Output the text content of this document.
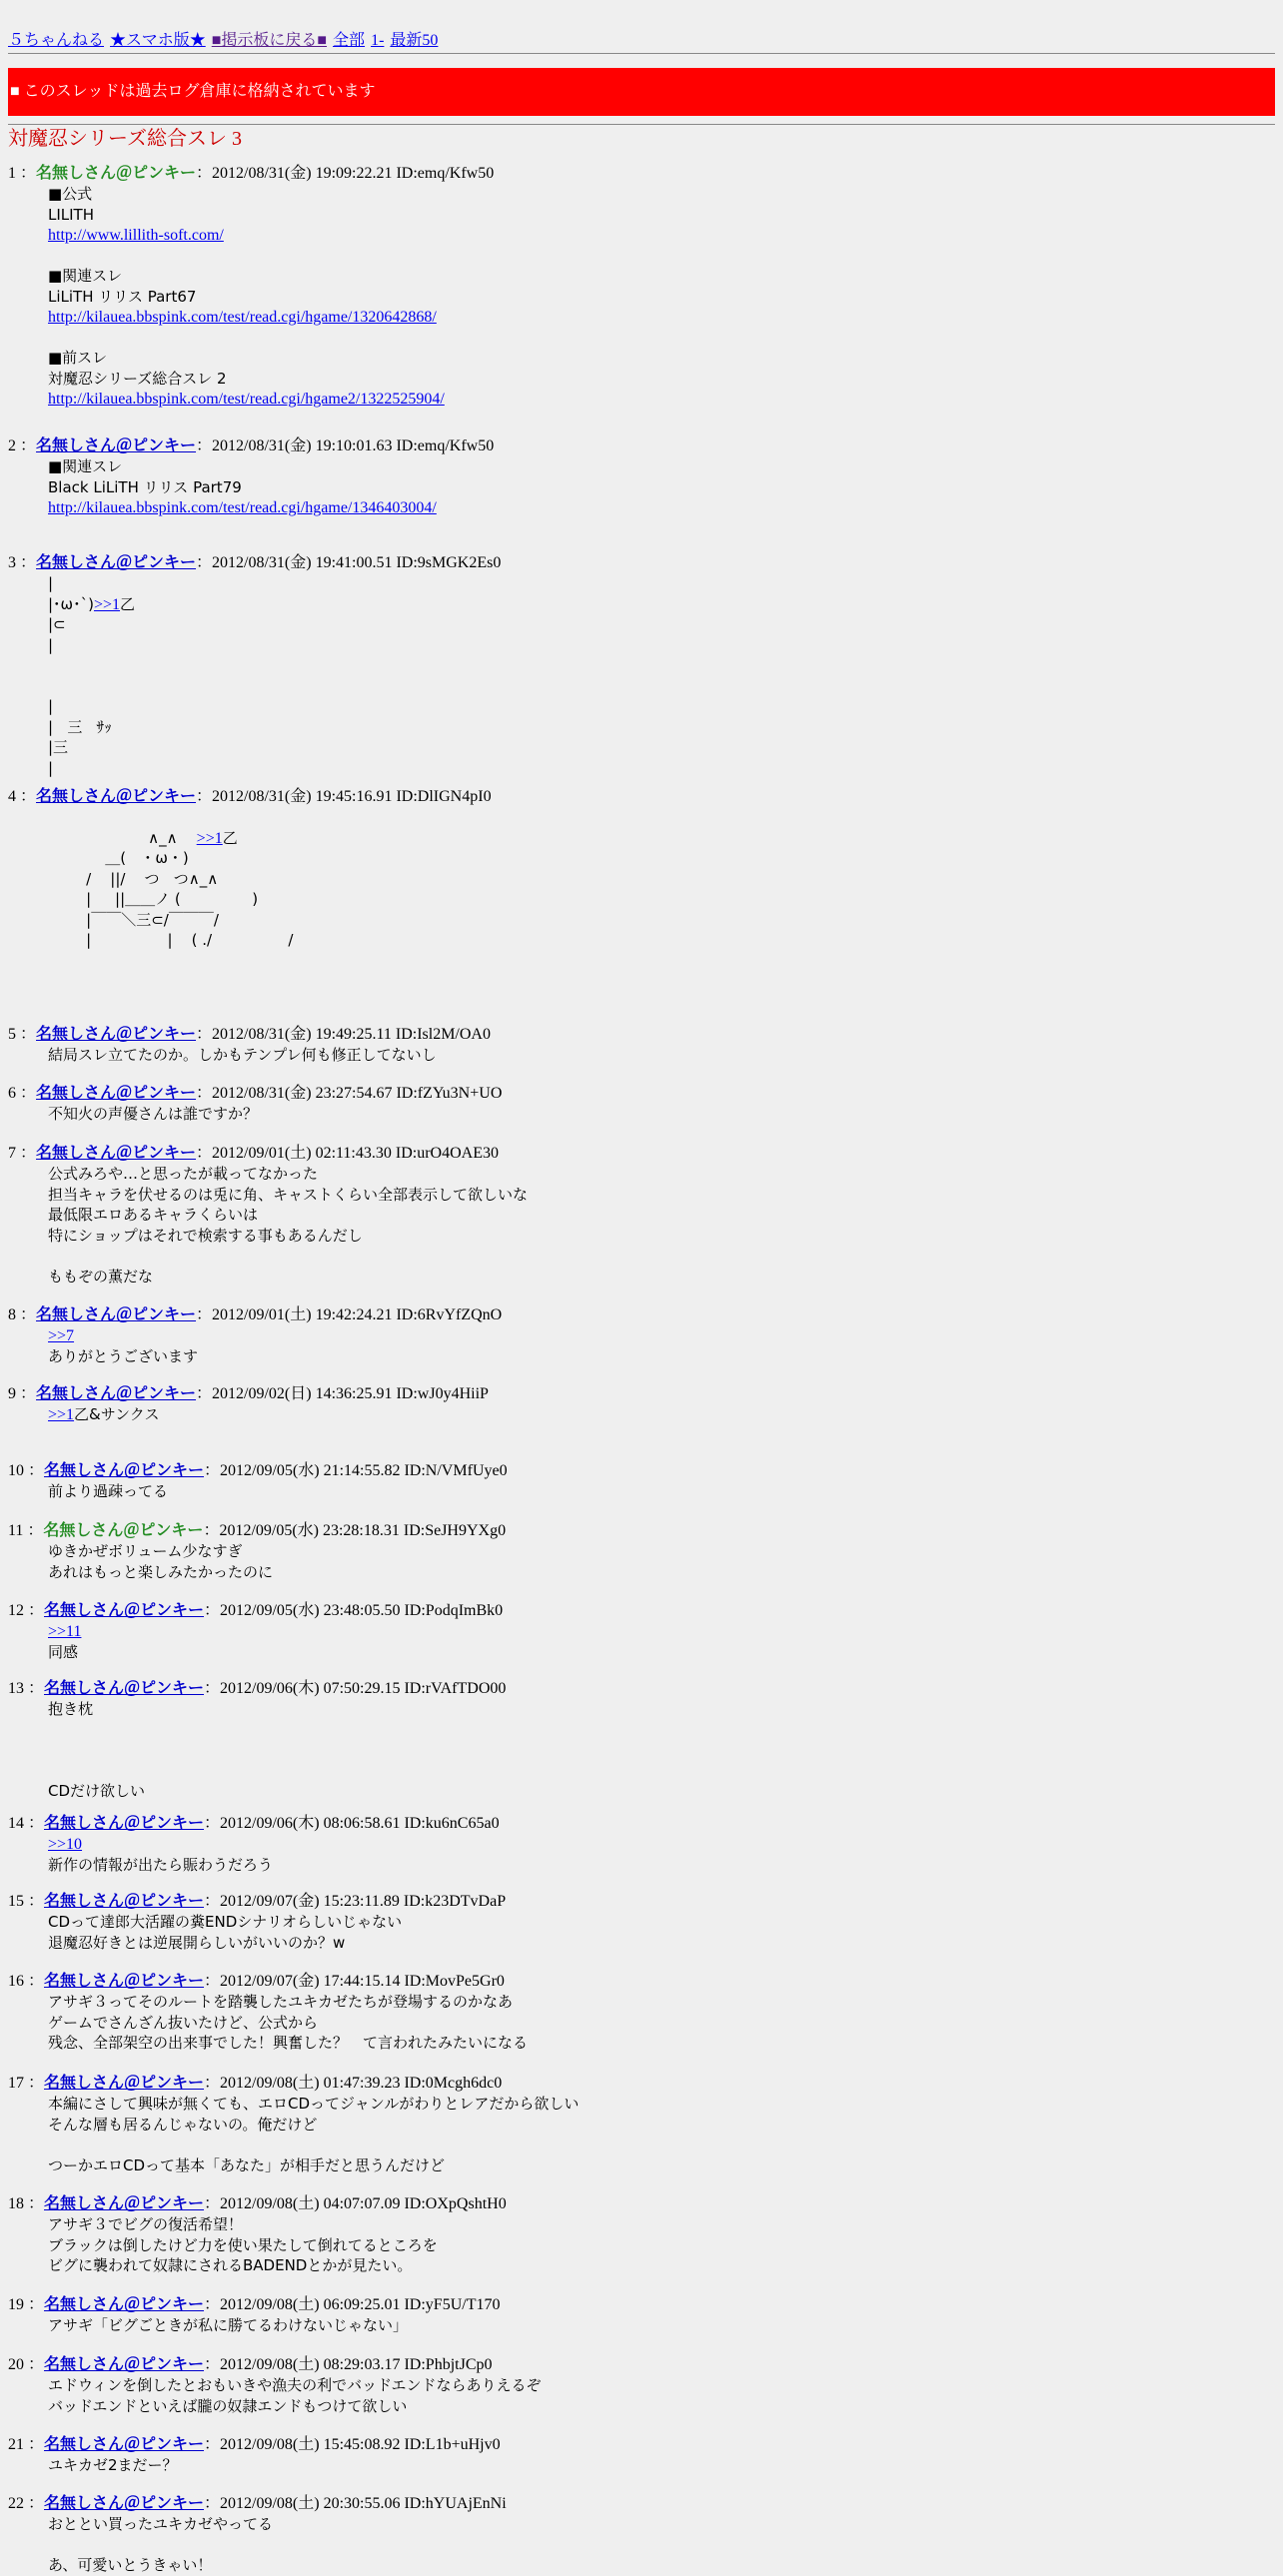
５ちゃんねる ★スマホ版★ ■掲示板に戻る■ 全部 1- 最新50
■ このスレッドは過去ログ倉庫に格納されています
対魔忍シリーズ総合スレ 3
1 ：名無しさん＠ピンキー：2012/08/31(金) 19:09:22.21 ID:emq/Kfw50
■公式
LILITH
http://www.lillith-soft.com/
■関連スレ
LiLiTH リリス Part67
http://kilauea.bbspink.com/test/read.cgi/hgame/1320642868/
■前スレ
対魔忍シリーズ総合スレ 2
http://kilauea.bbspink.com/test/read.cgi/hgame2/1322525904/
2 ：名無しさん＠ピンキー：2012/08/31(金) 19:10:01.63 ID:emq/Kfw50
■関連スレ
Black LiLiTH リリス Part79
http://kilauea.bbspink.com/test/read.cgi/hgame/1346403004/
3 ：名無しさん＠ピンキー：2012/08/31(金) 19:41:00.51 ID:9sMGK2Es0
|
|･ω･`)>>1乙
|⊂
|
|
|   三   ｻｯ
|三
|
4 ：名無しさん＠ピンキー：2012/08/31(金) 19:45:16.91 ID:DlIGN4pI0
∧_∧    >>1乙
＿(   ・ω・)
/    ||/    つ   つ∧_∧
|     ||＿＿ノ (               )
|￣￣＼三⊂/￣￣￣/
|                |    ( ./                /
5 ：名無しさん＠ピンキー：2012/08/31(金) 19:49:25.11 ID:Isl2M/OA0
結局スレ立てたのか。しかもテンプレ何も修正してないし
6 ：名無しさん＠ピンキー：2012/08/31(金) 23:27:54.67 ID:fZYu3N+UO
不知火の声優さんは誰ですか？
7 ：名無しさん＠ピンキー：2012/09/01(土) 02:11:43.30 ID:urO4OAE30
公式みろや…と思ったが載ってなかった
担当キャラを伏せるのは兎に角、キャストくらい全部表示して欲しいな
最低限エロあるキャラくらいは
特にショップはそれで検索する事もあるんだし
ももぞの薫だな
8 ：名無しさん＠ピンキー：2012/09/01(土) 19:42:24.21 ID:6RvYfZQnO
>>7
ありがとうございます
9 ：名無しさん＠ピンキー：2012/09/02(日) 14:36:25.91 ID:wJ0y4HiiP
>>1乙&サンクス
10 ：名無しさん＠ピンキー：2012/09/05(水) 21:14:55.82 ID:N/VMfUye0
前より過疎ってる
11 ：名無しさん＠ピンキー：2012/09/05(水) 23:28:18.31 ID:SeJH9YXg0
ゆきかぜボリューム少なすぎ
あれはもっと楽しみたかったのに
12 ：名無しさん＠ピンキー：2012/09/05(水) 23:48:05.50 ID:PodqImBk0
>>11
同感
13 ：名無しさん＠ピンキー：2012/09/06(木) 07:50:29.15 ID:rVAfTDO00
抱き枕
CDだけ欲しい
14 ：名無しさん＠ピンキー：2012/09/06(木) 08:06:58.61 ID:ku6nC65a0
>>10
新作の情報が出たら賑わうだろう
15 ：名無しさん＠ピンキー：2012/09/07(金) 15:23:11.89 ID:k23DTvDaP
CDって達郎大活躍の糞ENDシナリオらしいじゃない
退魔忍好きとは逆展開らしいがいいのか？w
16 ：名無しさん＠ピンキー：2012/09/07(金) 17:44:15.14 ID:MovPe5Gr0
アサギ３ってそのルートを踏襲したユキカゼたちが登場するのかなあ
ゲームでさんざん抜いたけど、公式から
残念、全部架空の出来事でした！興奮した？　て言われたみたいになる
17 ：名無しさん＠ピンキー：2012/09/08(土) 01:47:39.23 ID:0Mcgh6dc0
本編にさして興味が無くても、エロCDってジャンルがわりとレアだから欲しい
そんな層も居るんじゃないの。俺だけど
つーかエロCDって基本「あなた」が相手だと思うんだけど
18 ：名無しさん＠ピンキー：2012/09/08(土) 04:07:07.09 ID:OXpQshtH0
アサギ３でビグの復活希望！
ブラックは倒したけど力を使い果たして倒れてるところを
ビグに襲われて奴隷にされるBADENDとかが見たい。
19 ：名無しさん＠ピンキー：2012/09/08(土) 06:09:25.01 ID:yF5U/T170
アサギ「ビグごときが私に勝てるわけないじゃない」
20 ：名無しさん＠ピンキー：2012/09/08(土) 08:29:03.17 ID:PhbjtJCp0
エドウィンを倒したとおもいきや漁夫の利でバッドエンドならありえるぞ
バッドエンドといえば朧の奴隷エンドもつけて欲しい
21 ：名無しさん＠ピンキー：2012/09/08(土) 15:45:08.92 ID:L1b+uHjv0
ユキカゼ2まだー？
22 ：名無しさん＠ピンキー：2012/09/08(土) 20:30:55.06 ID:hYUAjEnNi
おととい買ったユキカゼやってる
あ、可愛いとうきゃい！
